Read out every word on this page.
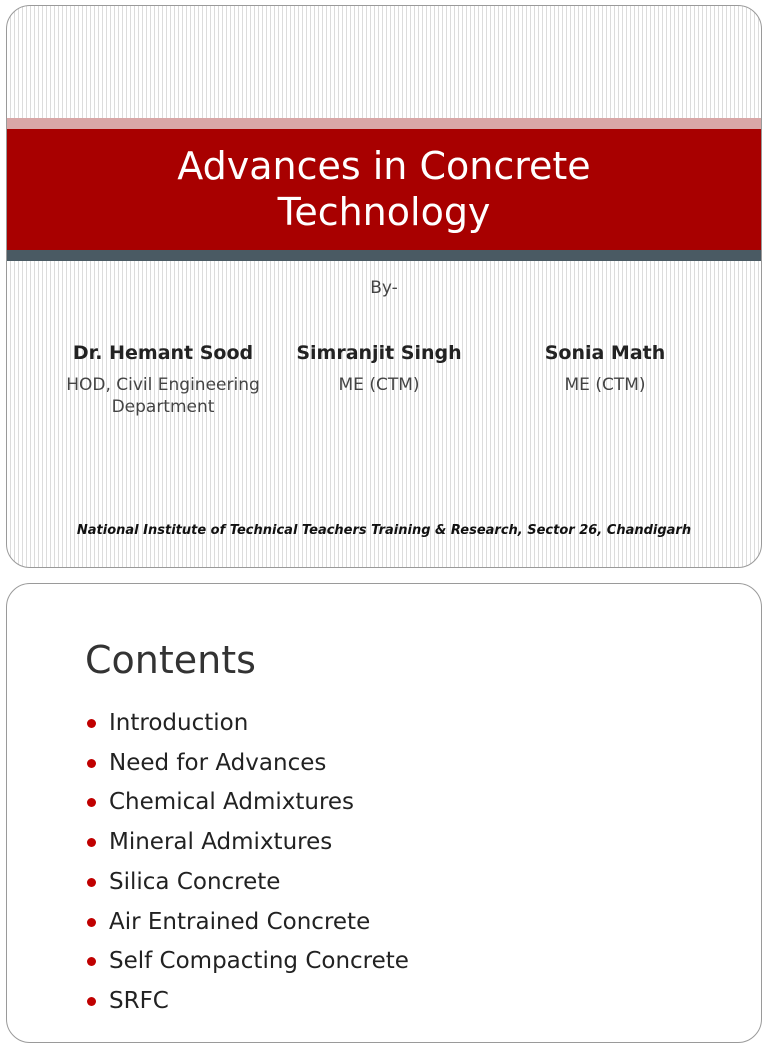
Advances in Concrete
Technology
By-
Dr. Hemant Sood
HOD, Civil Engineering
Department
Simranjit Singh
ME (CTM)
Sonia Math
ME (CTM)
National Institute of Technical Teachers Training & Research, Sector 26, Chandigarh
Contents
Introduction
Need for Advances
Chemical Admixtures
Mineral Admixtures
Silica Concrete
Air Entrained Concrete
Self Compacting Concrete
SRFC
